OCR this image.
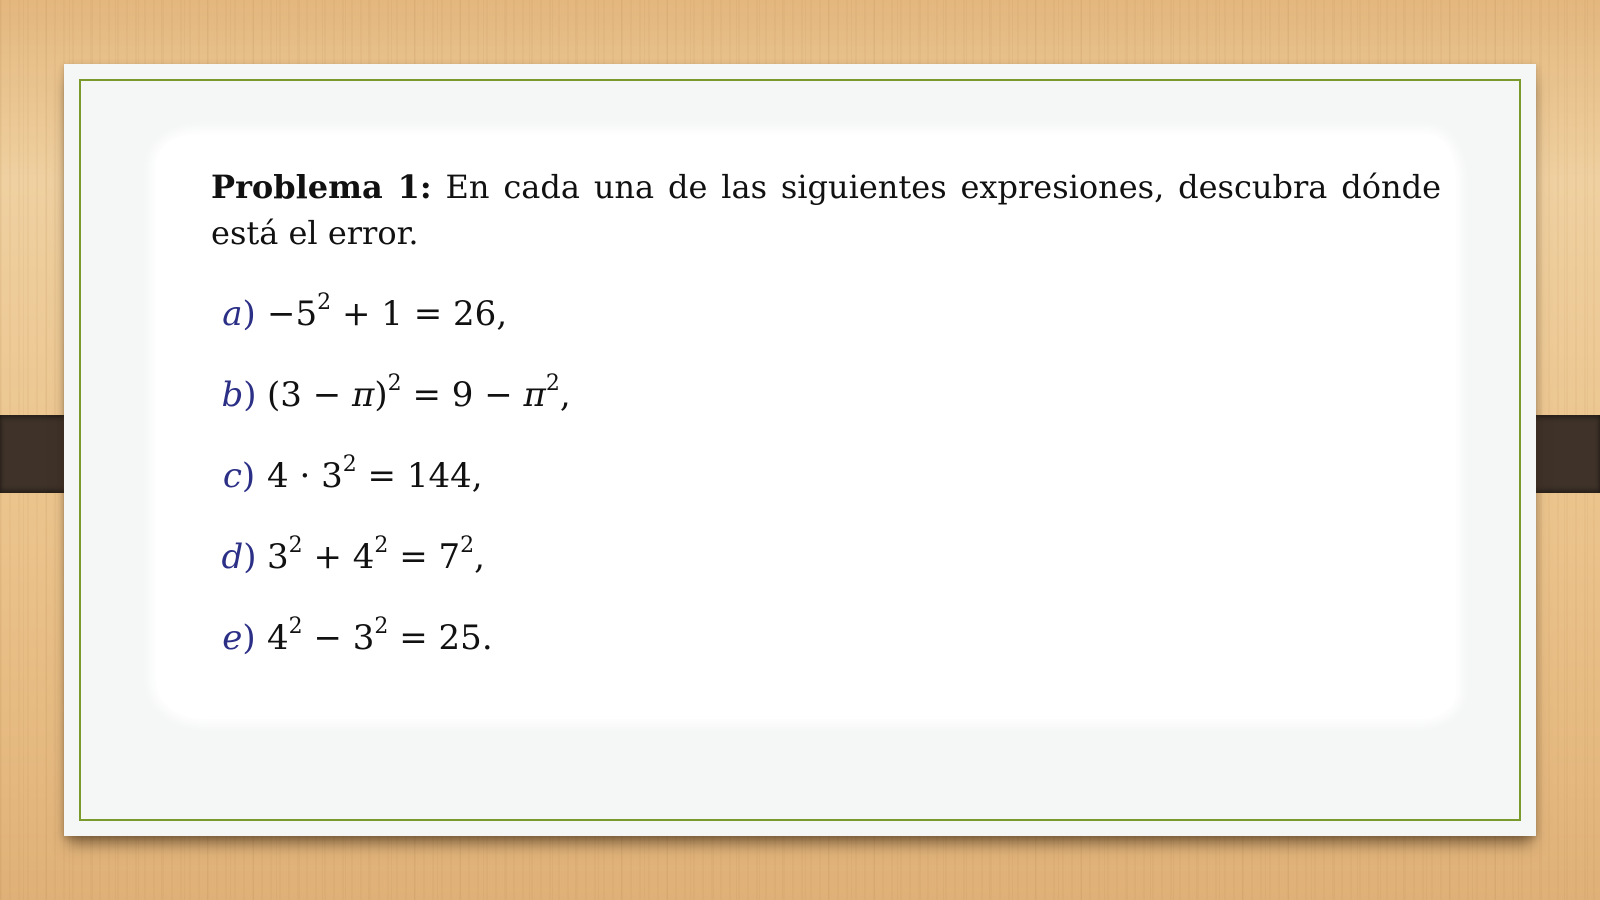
Problema 1: En cada una de las siguientes expresiones, descubra dónde está el error.

$a) -5^2 + 1 = 26$,
b) $(3 - \pi)^2 = 9 - \pi^2$,
c) $4 \cdot 3^2 = 144$,
d) $3^2 + 4^2 = 7^2$,
e) $4^2 - 3^2 = 25$.
